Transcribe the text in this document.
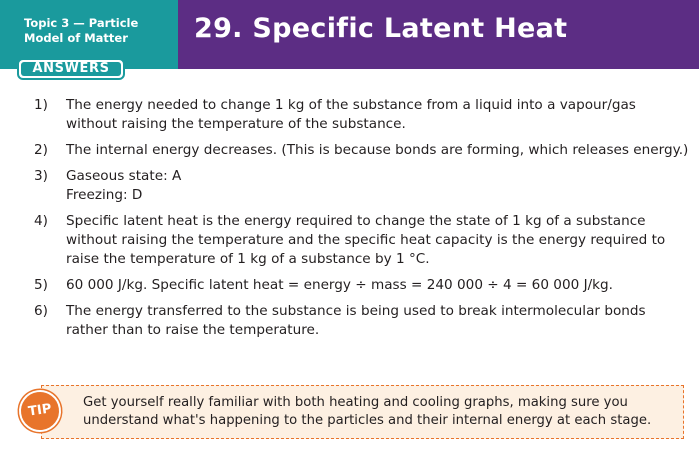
Topic 3 — Particle
Model of Matter	29. Specific Latent Heat
ANSWERS
1) The energy needed to change 1 kg of the substance from a liquid into a vapour/gas
without raising the temperature of the substance.
2) The internal energy decreases. (This is because bonds are forming, which releases energy.)
3) Gaseous state: A
Freezing: D
4) Specific latent heat is the energy required to change the state of 1 kg of a substance
without raising the temperature and the specific heat capacity is the energy required to
raise the temperature of 1 kg of a substance by 1 °C.
5) 60 000 J/kg. Specific latent heat = energy ÷ mass = 240 000 ÷ 4 = 60 000 J/kg.
6) The energy transferred to the substance is being used to break intermolecular bonds
rather than to raise the temperature.
TIP	Get yourself really familiar with both heating and cooling graphs, making sure you
understand what's happening to the particles and their internal energy at each stage.
